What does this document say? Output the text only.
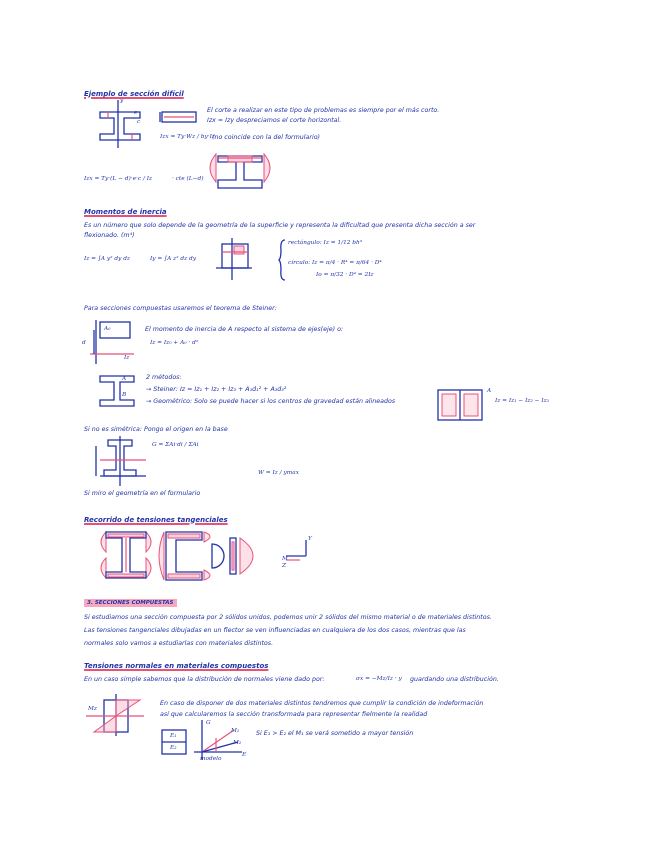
Ejemplo de sección difícil
y
c
e	El corte a realizar en este tipo de problemas es siempre por el más corto.
Izx = Izy despreciamos el corte horizontal.
Izx = Ty·Wz / by·Iz
(no coincide con la del formulario)
Izx = Ty·(L − d)·e·c / Iz	· cte (L−d)
Momentos de inercia
Es un número que solo depende de la geometría de la superficie y representa la dificultad que presenta dicha sección a ser
flexionado. (m⁴)
Iz = ∫A y² dy dz	Iy = ∫A z² dz dy
rectángulo: Iz = 1/12 bh³
círculo: Iz = π/4 · R⁴ = π/64 · D⁴
Io = π/32 · D⁴ = 2Iz
Para secciones compuestas usaremos el teorema de Steiner:
A₀
Iz
d
El momento de inercia de A respecto al sistema de ejes(eje) o:
Iz = Iz₀ + A₀ · d²
A
B
2 métodos:
→ Steiner: Iz = Iz₁ + Iz₂ + Iz₃ + A₁d₁² + A₃d₃²
→ Geométrico: Solo se puede hacer si los centros de gravedad están alineados
A
Iz = Iz₁ − Iz₂ − Iz₃
Si no es simétrica: Pongo el origen en la base
G = ΣAi·di / ΣAi
W = Iz / ymax
Si miro el geometría en el formulario
Recorrido de tensiones tangenciales
Y
M
Z
3. SECCIONES COMPUESTAS
Si estudiamos una sección compuesta por 2 sólidos unidos, podemos unir 2 sólidos del mismo material o de materiales distintos.
Las tensiones tangenciales dibujadas en un flector se ven influenciadas en cualquiera de los dos casos, mientras que las
normales solo vamos a estudiarlas con materiales distintos.
Tensiones normales en materiales compuestos
En un caso simple sabemos que la distribución de normales viene dado por:	σx = −Mz/Iz · y guardando una distribución.
Mz
En caso de disponer de dos materiales distintos tendremos que cumplir la condición de indeformación
así que calcularemos la sección transformada para representar fielmente la realidad
E₁
E₂
G
M₁
M₂
E
modelo
Si E₁ > E₂ el M₁ se verá sometido a mayor tensión
